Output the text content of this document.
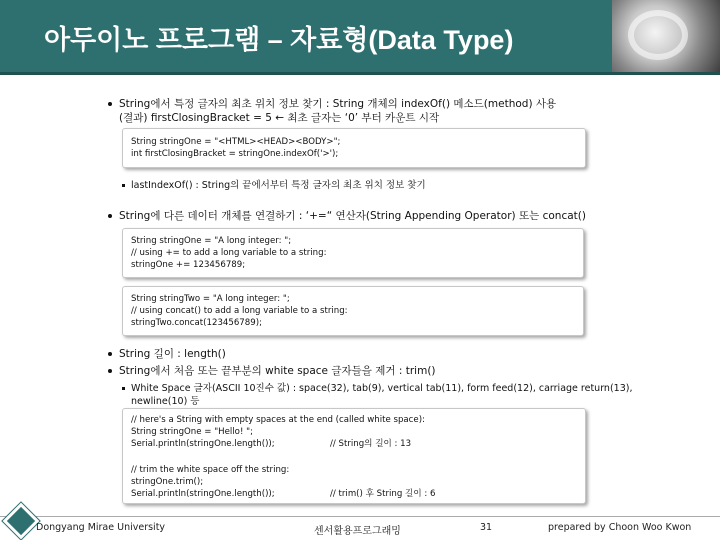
아두이노 프로그램 – 자료형(Data Type)
String에서 특정 글자의 최초 위치 정보 찾기 : String 개체의 indexOf() 메소드(method) 사용
(결과) firstClosingBracket = 5 ← 최초 글자는 ‘0’ 부터 카운트 시작
String stringOne = "<HTML><HEAD><BODY>";
int firstClosingBracket = stringOne.indexOf('>');
lastIndexOf() : String의 끝에서부터 특정 글자의 최초 위치 정보 찾기
String에 다른 데이터 개체를 연결하기 : ‘+=“ 연산자(String Appending Operator) 또는 concat()
String stringOne = "A long integer: ";
// using += to add a long variable to a string:
stringOne += 123456789;
String stringTwo = "A long integer: ";
// using concat() to add a long variable to a string:
stringTwo.concat(123456789);
String 길이 : length()
String에서 처음 또는 끝부분의 white space 글자들을 제거 : trim()
White Space 글자(ASCII 10진수 값) : space(32), tab(9), vertical tab(11), form feed(12), carriage return(13),
newline(10) 등
// here's a String with empty spaces at the end (called white space):
String stringOne = "Hello! ";
Serial.println(stringOne.length());	// String의 길이 : 13
// trim the white space off the string:
stringOne.trim();
Serial.println(stringOne.length());	// trim() 후 String 길이 : 6
Dongyang Mirae University	센서활용프로그래밍	31	prepared by Choon Woo Kwon
